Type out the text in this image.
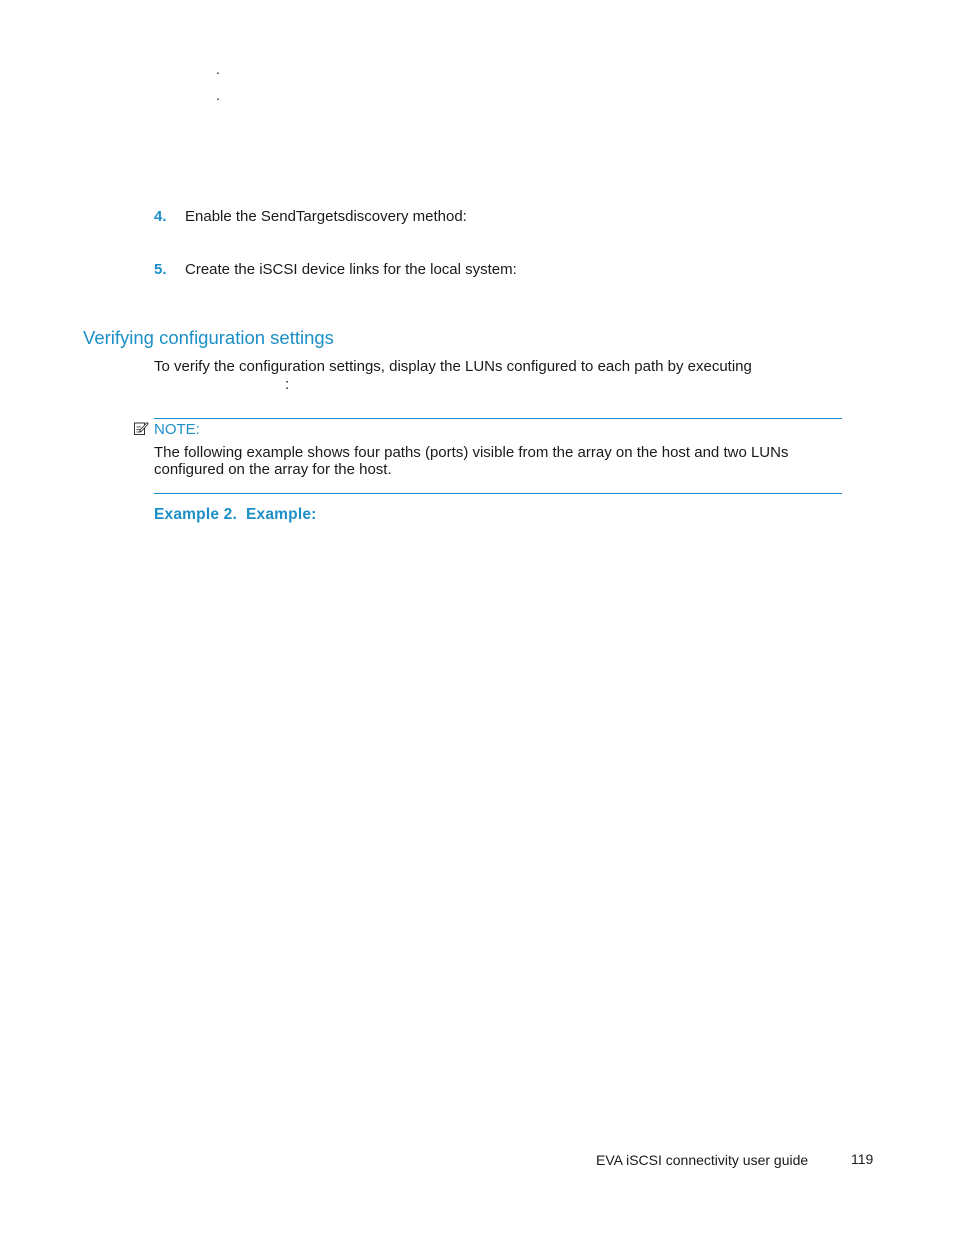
.
.
4. Enable the SendTargetsdiscovery method:
5. Create the iSCSI device links for the local system:
Verifying configuration settings
To verify the configuration settings, display the LUNs configured to each path by executing
:
NOTE:
The following example shows four paths (ports) visible from the array on the host and two LUNs
configured on the array for the host.
Example 2.  Example:
EVA iSCSI connectivity user guide	119
